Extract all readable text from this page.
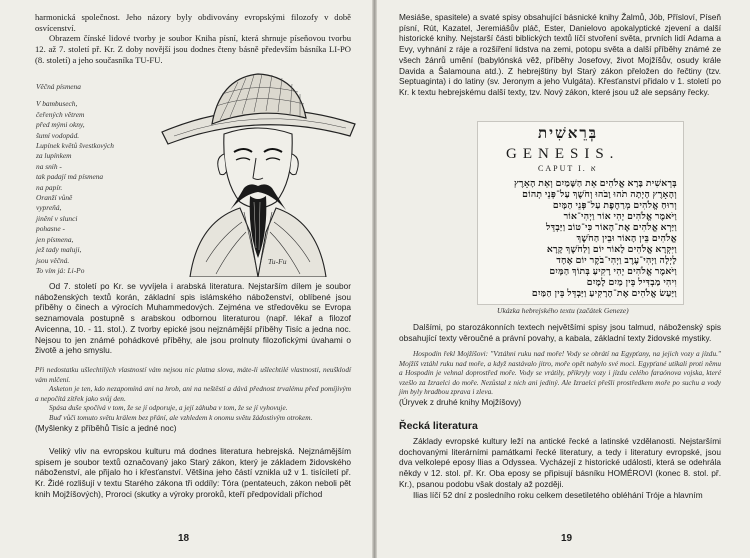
harmonická společnost. Jeho názory byly obdivovány evropskými filozofy v době osvícenství.

Obrazem čínské lidové tvorby je soubor Kniha písní, která shrnuje píseňovou tvorbu 12. až 7. století př. Kr. Z doby novější jsou dodnes čteny básně především básníka LI-PO (8. století) a jeho současníka TU-FU.

Věčná písmena
V bambusech,
čeřených větrem
před mými okny,
šumí vodopád.
Lupínek květů švestkových
za lupínkem
na snih -
tak padají má písmena
na papír.
Oranží vůně
vypreňá,
jinění v slunci
pohasne -
jen písmena,
jež tady maluji,
jsou věčná.
To vím já: Li-Po
Tu-Fu

Od 7. století po Kr. se vyvíjela i arabská literatura. Nejstarším dílem je soubor náboženských textů korán, základní spis islámského náboženství, oblíbené jsou příběhy o činech a výrocích Muhammedových. Zejména ve středověku se Evropa seznamovala postupně s arabskou odbornou literaturou (např. lékař a filozof Avicenna, 10. - 11. stol.). Z tvorby epické jsou nejznámější příběhy Tisíc a jedna noc. Nejsou to jen známé pohádkové příběhy, ale jsou prolnuty filozofickými úvahami o životě a jeho smyslu.

Při nedostatku ušlechtilých vlastností vám nejsou nic platna slova, máte-li ušlechtilé vlastnosti, neušklodí vám mlčení.

Asketon je ten, kdo nezapomíná ani na hrob, ani na neštěstí a dává přednost trvalému před pomíjivým a nepočítá zítřek jako svůj den.

Spása duše spočívá v tom, že se jí odporuje, a její záhuba v tom, že se jí vyhovuje.

Buď vůči tomuto světu krälem bez přání, ale vzhledem k onomu světu žádostivým otrokem.

(Myšlenky z příběhů Tisíc a jedné noc)

Veliký vliv na evropskou kulturu má dodnes literatura hebrejská. Nejznámějším spisem je soubor textů označovaný jako Starý zákon, který je základem židovského náboženství, ale přijalo ho i křesťanství. Většina jeho částí vznikla už v 1. tisíciletí př. Kr. Židé rozlišují v textu Starého zákona tři oddíly: Tóra (pentateuch, zákon neboli pět knih Mojžíšových), Proroci (skutky a výroky proroků, kteří předpovídali příchod

18

Mesiáše, spasitele) a svaté spisy obsahující básnické knihy Žalmů, Jób, Přísloví, Píseň písní, Rút, Kazatel, Jeremiášův pláč, Ester, Danielovo apokalyptické zjevení a další historické knihy. Nejstarší části biblických textů líčí stvoření světa, prvních lidí Adama a Evy, vyhnání z ráje a rozšíření lidstva na zemi, potopu světa a další příběhy známé ze všech žánrů umění (babylónská věž, příběhy Josefovy, život Mojžíšův, osudy krále Davida a Šalamouna atd.). Z hebrejštiny byl Starý zákon přeložen do řečtiny (tzv. Septuaginta) i do latiny (sv. Jeronym a jeho Vulgáta). Křesťanství přidalo v 1. století po Kr. k textu hebrejskému další texty, tzv. Nový zákon, které jsou už ale sepsány řecky.

בְּרֵאשִׁית
GENESIS.
CAPUT I. א
בְּרֵאשִׁית בָּרָא אֱלֹהִים אֵת הַשָּׁמַיִם וְאֵת הָאָרֶץ
וְהָאָרֶץ הָיְתָה תֹהוּ וָבֹהוּ וְחֹשֶׁךְ עַל־פְּנֵי תְהוֹם
וְרוּחַ אֱלֹהִים מְרַחֶפֶת עַל־פְּנֵי הַמָּיִם
וַיֹּאמֶר אֱלֹהִים יְהִי אוֹר וַיְהִי־אוֹר
וַיַּרְא אֱלֹהִים אֶת־הָאוֹר כִּי־טוֹב וַיַּבְדֵּל
אֱלֹהִים בֵּין הָאוֹר וּבֵין הַחֹשֶׁךְ
וַיִּקְרָא אֱלֹהִים לָאוֹר יוֹם וְלַחֹשֶׁךְ קָרָא
לָיְלָה וַיְהִי־עֶרֶב וַיְהִי־בֹקֶר יוֹם אֶחָד
וַיֹּאמֶר אֱלֹהִים יְהִי רָקִיעַ בְּתוֹךְ הַמָּיִם
וִיהִי מַבְדִּיל בֵּין מַיִם לָמָיִם
וַיַּעַשׂ אֱלֹהִים אֶת־הָרָקִיעַ וַיַּבְדֵּל בֵּין הַמַּיִם
Ukázka hebrejského textu (začátek Geneze)

Dalšími, po starozákonních textech největšími spisy jsou talmud, náboženský spis obsahující texty věroučné a právní povahy, a kabala, základní texty židovské mystiky.

Hospodin řekl Mojžíšovi: "Vztáhni ruku nad moře! Vody se obrátí na Egypťany, na jejich vozy a jízdu." Mojžíš vztáhl ruku nad moře, a když nastávalo jitro, moře opět nabylo své moci. Egypťané utíkali proti němu a Hospodin je vehnal doprostřed moře. Vody se vrátily, přikryly vozy i jízdu celého faraónova vojska, které vzešlo za Izraelci do moře. Nezůstal z nich ani jediný. Ale Izraelci přešli prostředkem moře po suchu a vody jim byly hradbou zprava i zleva.

(Úryvek z druhé knihy Mojžíšovy)

Řecká literatura

Základy evropské kultury leží na antické řecké a latinské vzdělanosti. Nejstaršími dochovanými literárními památkami řecké literatury, a tedy i literatury evropské, jsou dva velkolepé eposy Ilias a Odyssea. Vycházejí z historické události, která se odehrála někdy v 12. stol. př. Kr. Oba eposy se připisují básníku HOMÉROVI (konec 8. stol. př. Kr.), psanou podobu však dostaly až později.

Ilias líčí 52 dní z posledního roku celkem desetiletého obléhání Tróje a hlavním

19
